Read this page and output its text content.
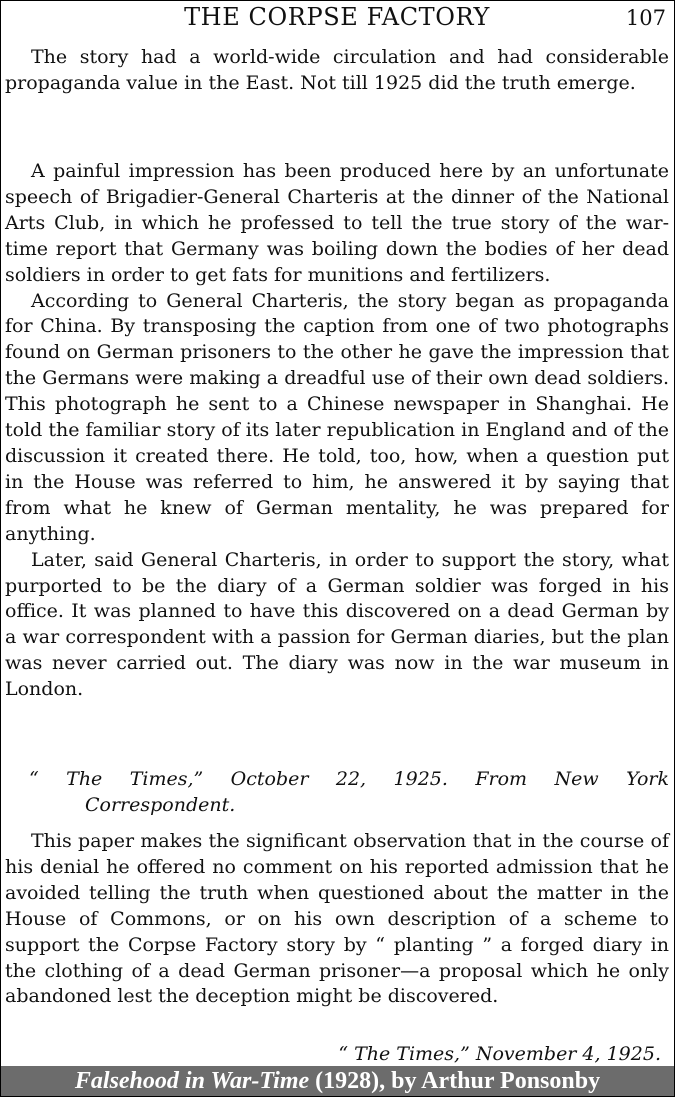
THE CORPSE FACTORY	107

The story had a world-wide circulation and had considerable propaganda value in the East. Not till 1925 did the truth emerge.

A painful impression has been produced here by an unfortunate speech of Brigadier-General Charteris at the dinner of the National Arts Club, in which he professed to tell the true story of the war-time report that Germany was boiling down the bodies of her dead soldiers in order to get fats for munitions and fertilizers.

According to General Charteris, the story began as propaganda for China. By transposing the caption from one of two photographs found on German prisoners to the other he gave the impression that the Germans were making a dreadful use of their own dead soldiers. This photograph he sent to a Chinese newspaper in Shanghai. He told the familiar story of its later republication in England and of the discussion it created there. He told, too, how, when a question put in the House was referred to him, he answered it by saying that from what he knew of German mentality, he was prepared for anything.

Later, said General Charteris, in order to support the story, what purported to be the diary of a German soldier was forged in his office. It was planned to have this discovered on a dead German by a war correspondent with a passion for German diaries, but the plan was never carried out. The diary was now in the war museum in London.

“ The Times,” October 22, 1925. From New York
Correspondent.

This paper makes the significant observation that in the course of his denial he offered no comment on his reported admission that he avoided telling the truth when questioned about the matter in the House of Commons, or on his own description of a scheme to support the Corpse Factory story by “ planting ” a forged diary in the clothing of a dead German prisoner—a proposal which he only abandoned lest the deception might be discovered.

“ The Times,” November 4, 1925.
Falsehood in War-Time (1928), by Arthur Ponsonby
